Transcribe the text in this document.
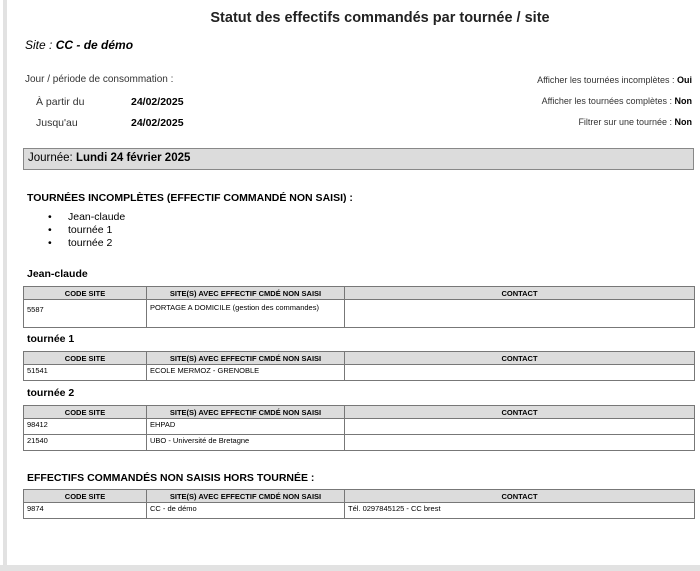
Statut des effectifs commandés par tournée / site
Site : CC - de démo
Jour / période de consommation :
À partir du	24/02/2025
Jusqu'au	24/02/2025
Afficher les tournées incomplètes : Oui
Afficher les tournées complètes : Non
Filtrer sur une tournée : Non
Journée: Lundi 24 février 2025
TOURNÉES INCOMPLÈTES (EFFECTIF COMMANDÉ NON SAISI) :
• Jean-claude
• tournée 1
• tournée 2
Jean-claude
CODE SITE	SITE(S) AVEC EFFECTIF CMDÉ NON SAISI	CONTACT
5587	PORTAGE A DOMICILE (gestion des commandes)	
tournée 1
CODE SITE	SITE(S) AVEC EFFECTIF CMDÉ NON SAISI	CONTACT
51541	ECOLE MERMOZ - GRENOBLE	
tournée 2
CODE SITE	SITE(S) AVEC EFFECTIF CMDÉ NON SAISI	CONTACT
98412	EHPAD	
21540	UBO - Université de Bretagne	
EFFECTIFS COMMANDÉS NON SAISIS HORS TOURNÉE :
CODE SITE	SITE(S) AVEC EFFECTIF CMDÉ NON SAISI	CONTACT
9874	CC - de démo	Tél. 0297845125 - CC brest
